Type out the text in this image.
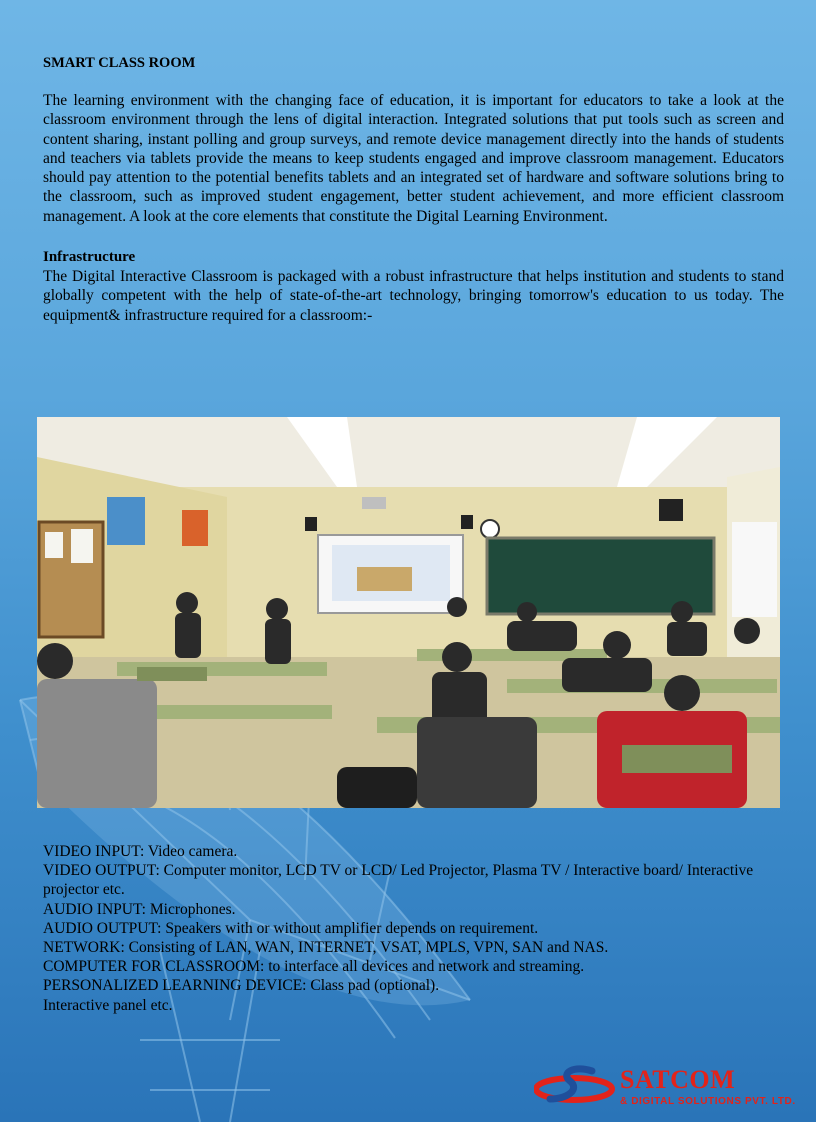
SMART CLASS ROOM

The learning environment with the changing face of education, it is important for educators to take a look at the classroom environment through the lens of digital interaction. Integrated solutions that put tools such as screen and content sharing, instant polling and group surveys, and remote device management directly into the hands of students and teachers via tablets provide the means to keep students engaged and improve classroom management. Educators should pay attention to the potential benefits tablets and an integrated set of hardware and software solutions bring to the classroom, such as improved student engagement, better student achievement, and more efficient classroom management. A look at the core elements that constitute the Digital Learning Environment.

Infrastructure

The Digital Interactive Classroom is packaged with a robust infrastructure that helps institution and students to stand globally competent with the help of state-of-the-art technology, bringing tomorrow's education to us today. The equipment& infrastructure required for a classroom:-

VIDEO INPUT: Video camera.
VIDEO OUTPUT: Computer monitor, LCD TV or LCD/ Led Projector, Plasma TV / Interactive board/ Interactive projector etc.
AUDIO INPUT: Microphones.
AUDIO OUTPUT: Speakers with or without amplifier depends on requirement.
NETWORK: Consisting of LAN, WAN, INTERNET, VSAT, MPLS, VPN, SAN and NAS.
COMPUTER FOR CLASSROOM: to interface all devices and network and streaming.
PERSONALIZED LEARNING DEVICE: Class pad (optional).
Interactive panel etc.
SATCOM
& DIGITAL SOLUTIONS PVT. LTD.
